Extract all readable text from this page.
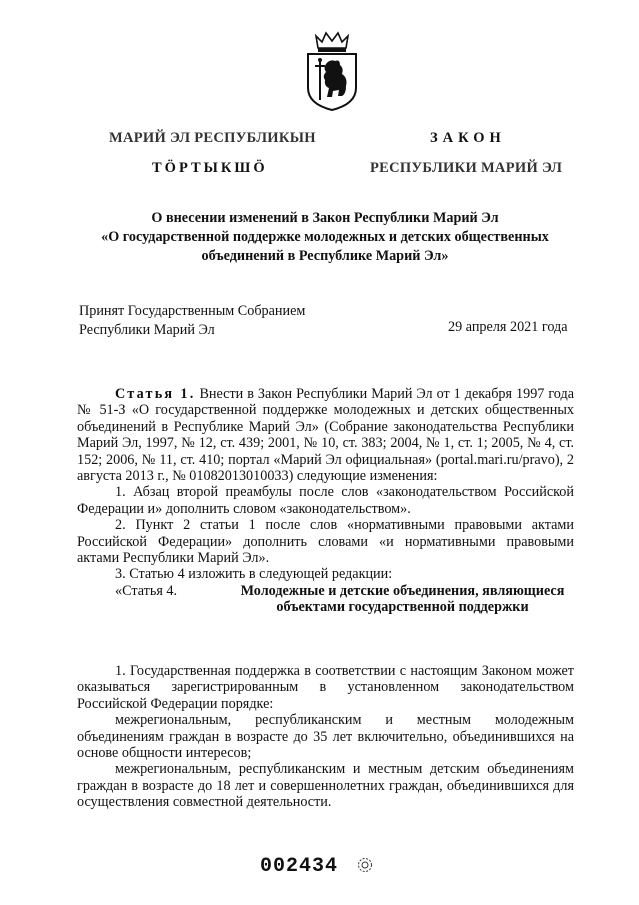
МАРИЙ ЭЛ РЕСПУБЛИКЫН
ТӦРТЫКШӦ
ЗАКОН
РЕСПУБЛИКИ МАРИЙ ЭЛ
О внесении изменений в Закон Республики Марий Эл
«О государственной поддержке молодежных и детских общественных
объединений в Республике Марий Эл»
Принят Государственным Собранием
Республики Марий Эл	29 апреля 2021 года

Статья 1. Внести в Закон Республики Марий Эл от 1 декабря 1997 года № 51-З «О государственной поддержке молодежных и детских общественных объединений в Республике Марий Эл» (Собрание законодательства Республики Марий Эл, 1997, № 12, ст. 439; 2001, № 10, ст. 383; 2004, № 1, ст. 1; 2005, № 4, ст. 152; 2006, № 11, ст. 410; портал «Марий Эл официальная» (portal.mari.ru/pravo), 2 августа 2013 г., № 01082013010033) следующие изменения:

1. Абзац второй преамбулы после слов «законодательством Российской Федерации и» дополнить словом «законодательством».

2. Пункт 2 статьи 1 после слов «нормативными правовыми актами Российской Федерации» дополнить словами «и нормативными правовыми актами Республики Марий Эл».

3. Статью 4 изложить в следующей редакции:

«Статья 4.	Молодежные и детские объединения, являющиеся объектами государственной поддержки

1. Государственная поддержка в соответствии с настоящим Законом может оказываться зарегистрированным в установленном законодательством Российской Федерации порядке:

межрегиональным, республиканским и местным молодежным объединениям граждан в возрасте до 35 лет включительно, объединившихся на основе общности интересов;

межрегиональным, республиканским и местным детским объединениям граждан в возрасте до 18 лет и совершеннолетних граждан, объединившихся для осуществления совместной деятельности.

002434
